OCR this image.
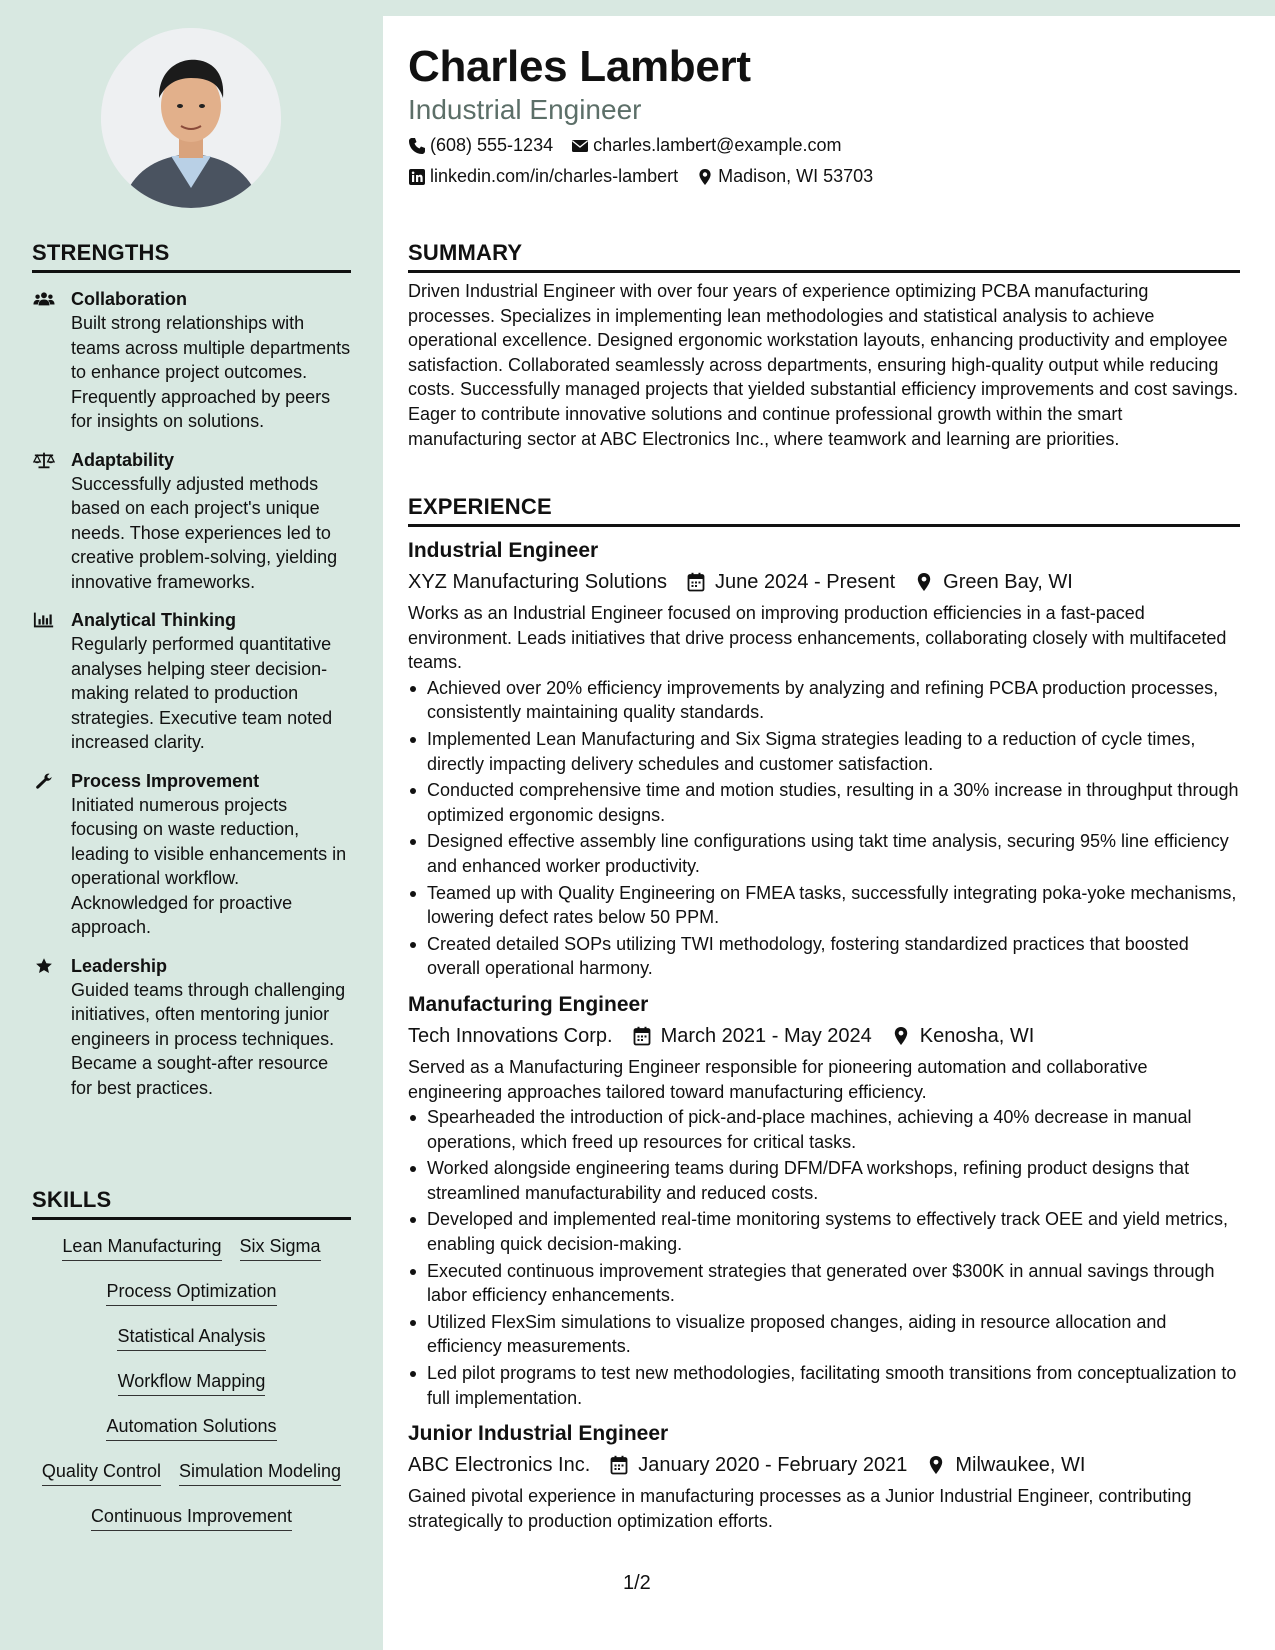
STRENGTHS
Collaboration
Built strong relationships with teams across multiple departments to enhance project outcomes. Frequently approached by peers for insights on solutions.
Adaptability
Successfully adjusted methods based on each project's unique needs. Those experiences led to creative problem-solving, yielding innovative frameworks.
Analytical Thinking
Regularly performed quantitative analyses helping steer decision-making related to production strategies. Executive team noted increased clarity.
Process Improvement
Initiated numerous projects focusing on waste reduction, leading to visible enhancements in operational workflow. Acknowledged for proactive approach.
Leadership
Guided teams through challenging initiatives, often mentoring junior engineers in process techniques. Became a sought-after resource for best practices.
SKILLS
Lean Manufacturing Six Sigma
Process Optimization
Statistical Analysis
Workflow Mapping
Automation Solutions
Quality Control Simulation Modeling
Continuous Improvement
Charles Lambert
Industrial Engineer
(608) 555-1234 charles.lambert@example.com
linkedin.com/in/charles-lambert Madison, WI 53703
SUMMARY
Driven Industrial Engineer with over four years of experience optimizing PCBA manufacturing processes. Specializes in implementing lean methodologies and statistical analysis to achieve operational excellence. Designed ergonomic workstation layouts, enhancing productivity and employee satisfaction. Collaborated seamlessly across departments, ensuring high-quality output while reducing costs. Successfully managed projects that yielded substantial efficiency improvements and cost savings. Eager to contribute innovative solutions and continue professional growth within the smart manufacturing sector at ABC Electronics Inc., where teamwork and learning are priorities.
EXPERIENCE
Industrial Engineer
XYZ Manufacturing Solutions June 2024 - Present Green Bay, WI
Works as an Industrial Engineer focused on improving production efficiencies in a fast-paced environment. Leads initiatives that drive process enhancements, collaborating closely with multifaceted teams.
Achieved over 20% efficiency improvements by analyzing and refining PCBA production processes, consistently maintaining quality standards.
Implemented Lean Manufacturing and Six Sigma strategies leading to a reduction of cycle times, directly impacting delivery schedules and customer satisfaction.
Conducted comprehensive time and motion studies, resulting in a 30% increase in throughput through optimized ergonomic designs.
Designed effective assembly line configurations using takt time analysis, securing 95% line efficiency and enhanced worker productivity.
Teamed up with Quality Engineering on FMEA tasks, successfully integrating poka-yoke mechanisms, lowering defect rates below 50 PPM.
Created detailed SOPs utilizing TWI methodology, fostering standardized practices that boosted overall operational harmony.
Manufacturing Engineer
Tech Innovations Corp. March 2021 - May 2024 Kenosha, WI
Served as a Manufacturing Engineer responsible for pioneering automation and collaborative engineering approaches tailored toward manufacturing efficiency.
Spearheaded the introduction of pick-and-place machines, achieving a 40% decrease in manual operations, which freed up resources for critical tasks.
Worked alongside engineering teams during DFM/DFA workshops, refining product designs that streamlined manufacturability and reduced costs.
Developed and implemented real-time monitoring systems to effectively track OEE and yield metrics, enabling quick decision-making.
Executed continuous improvement strategies that generated over $300K in annual savings through labor efficiency enhancements.
Utilized FlexSim simulations to visualize proposed changes, aiding in resource allocation and efficiency measurements.
Led pilot programs to test new methodologies, facilitating smooth transitions from conceptualization to full implementation.
Junior Industrial Engineer
ABC Electronics Inc. January 2020 - February 2021 Milwaukee, WI
Gained pivotal experience in manufacturing processes as a Junior Industrial Engineer, contributing strategically to production optimization efforts.
1/2
